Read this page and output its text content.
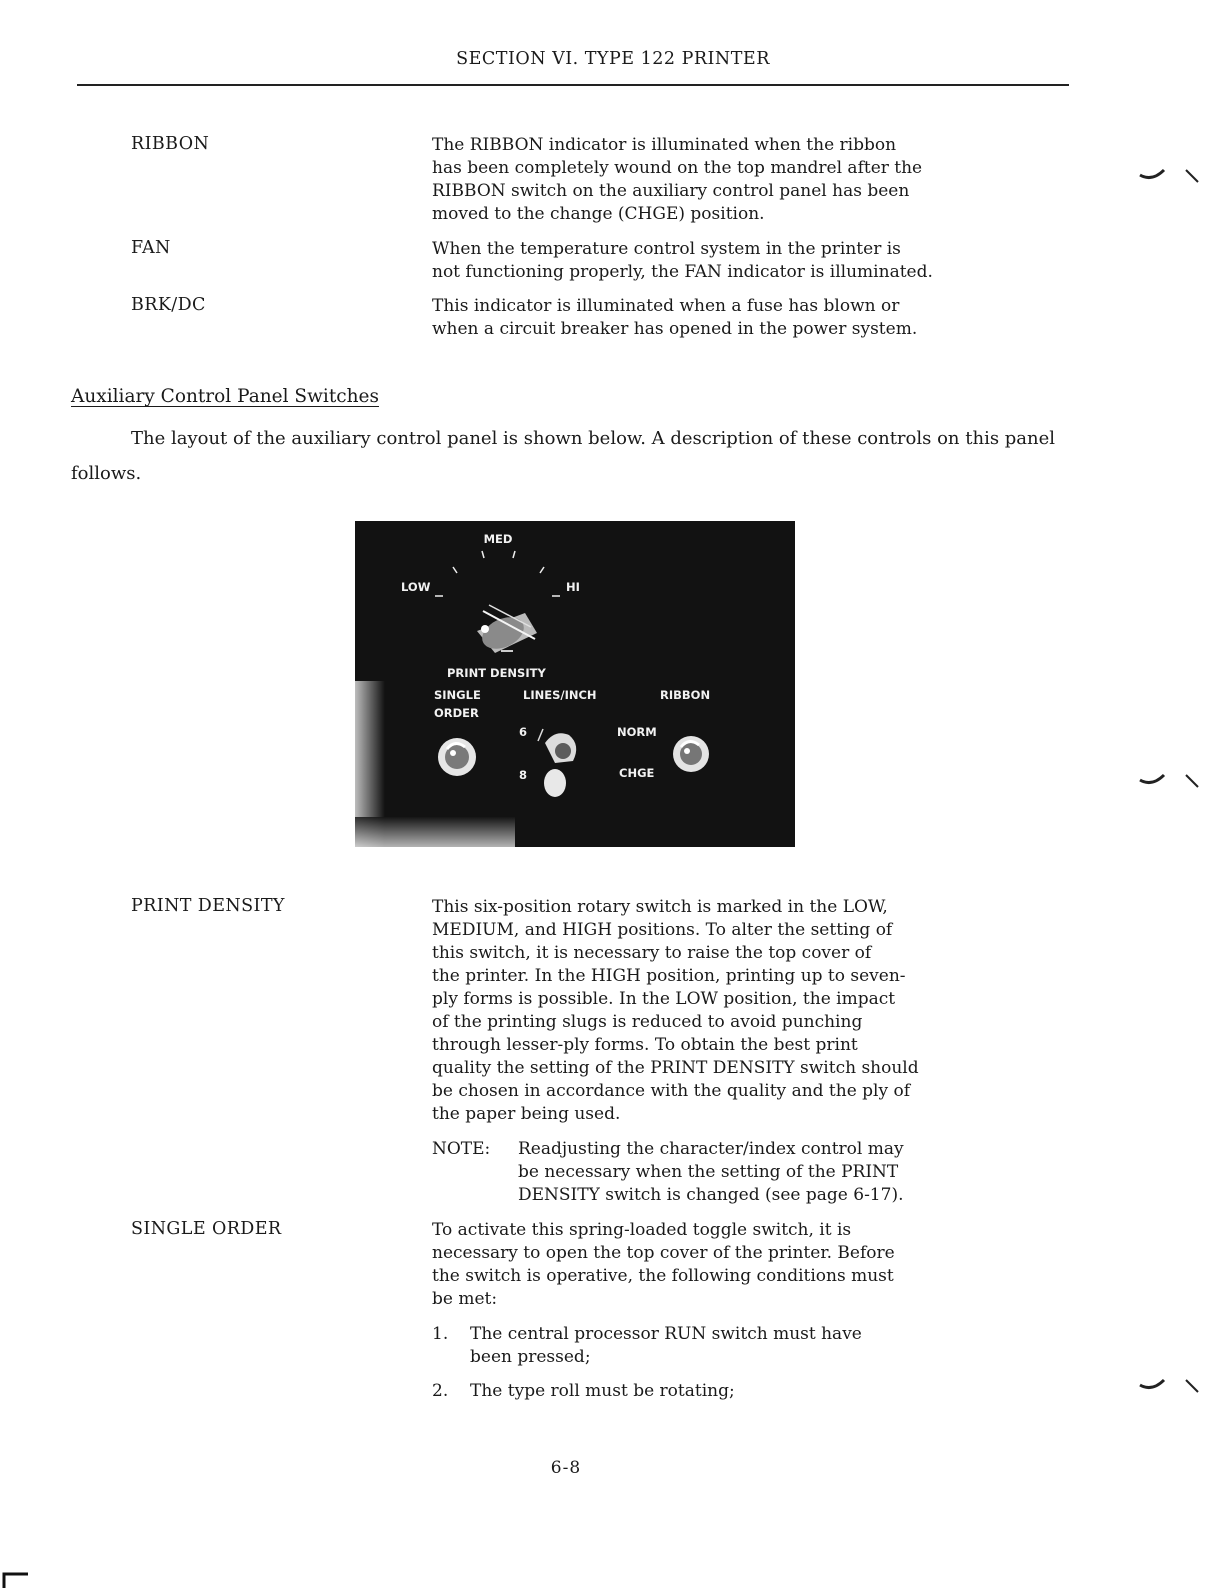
SECTION VI. TYPE 122 PRINTER
RIBBON	The RIBBON indicator is illuminated when the ribbon
has been completely wound on the top mandrel after the
RIBBON switch on the auxiliary control panel has been
moved to the change (CHGE) position.
FAN	When the temperature control system in the printer is
not functioning properly, the FAN indicator is illuminated.
BRK/DC	This indicator is illuminated when a fuse has blown or
when a circuit breaker has opened in the power system.
Auxiliary Control Panel Switches
The layout of the auxiliary control panel is shown below. A description of these controls on this panel follows.
MED
LOW	HI
PRINT DENSITY
SINGLE
ORDER
LINES/INCH	RIBBON
6
8
NORM
CHGE
PRINT DENSITY	This six-position rotary switch is marked in the LOW,
MEDIUM, and HIGH positions. To alter the setting of
this switch, it is necessary to raise the top cover of
the printer. In the HIGH position, printing up to seven-
ply forms is possible. In the LOW position, the impact
of the printing slugs is reduced to avoid punching
through lesser-ply forms. To obtain the best print
quality the setting of the PRINT DENSITY switch should
be chosen in accordance with the quality and the ply of
the paper being used.
NOTE: Readjusting the character/index control may
be necessary when the setting of the PRINT
DENSITY switch is changed (see page 6-17).
SINGLE ORDER	To activate this spring-loaded toggle switch, it is
necessary to open the top cover of the printer. Before
the switch is operative, the following conditions must
be met:
1. The central processor RUN switch must have
been pressed;
2. The type roll must be rotating;
6-8
